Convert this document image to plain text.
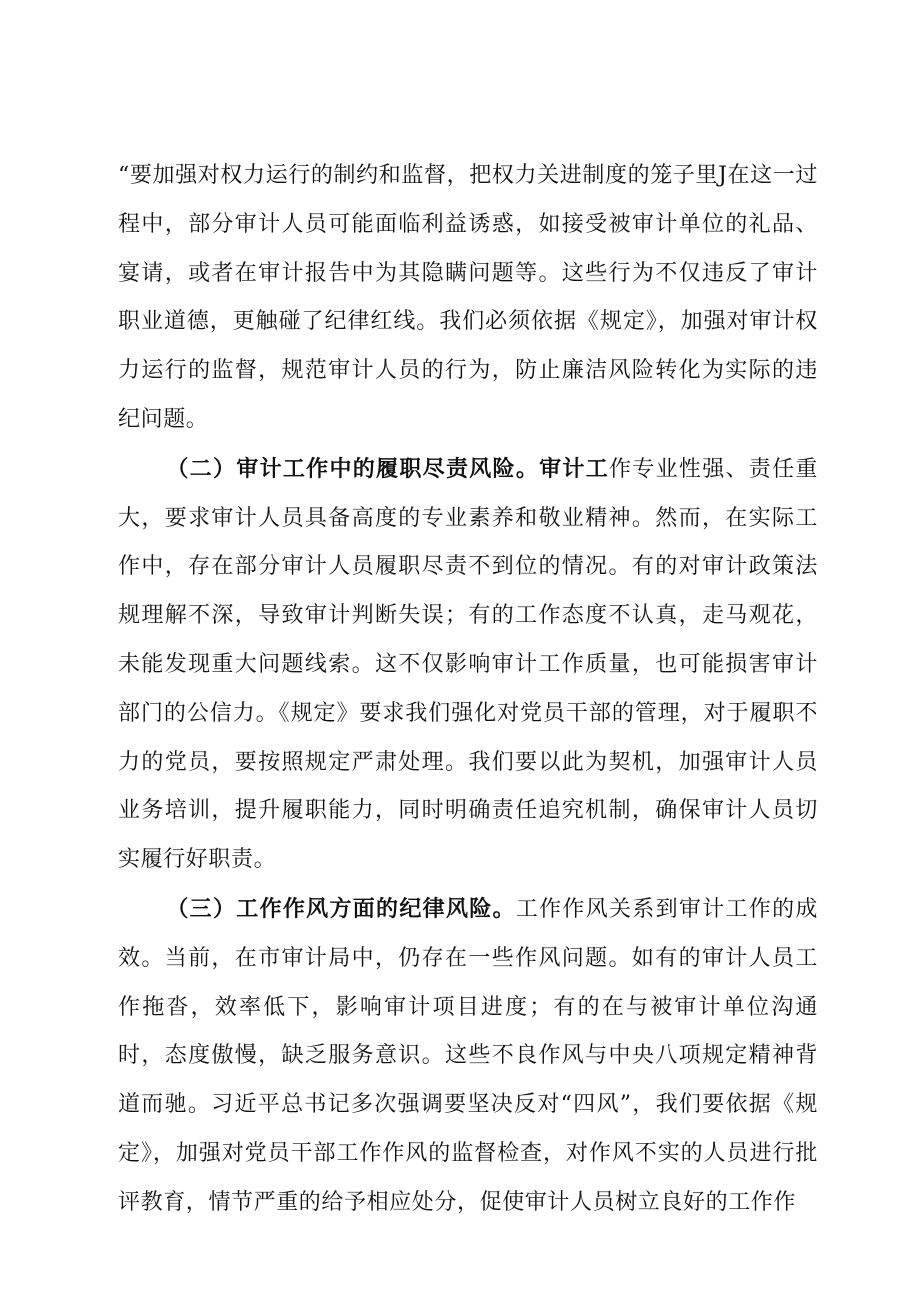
“要加强对权力运行的制约和监督，把权力关进制度的笼子里J在这一过程中，部分审计人员可能面临利益诱惑，如接受被审计单位的礼品、宴请，或者在审计报告中为其隐瞒问题等。这些行为不仅违反了审计职业道德，更触碰了纪律红线。我们必须依据《规定》，加强对审计权力运行的监督，规范审计人员的行为，防止廉洁风险转化为实际的违纪问题。

（二）审计工作中的履职尽责风险。审计工作专业性强、责任重大，要求审计人员具备高度的专业素养和敬业精神。然而，在实际工作中，存在部分审计人员履职尽责不到位的情况。有的对审计政策法规理解不深，导致审计判断失误；有的工作态度不认真，走马观花，未能发现重大问题线索。这不仅影响审计工作质量，也可能损害审计部门的公信力。《规定》要求我们强化对党员干部的管理，对于履职不力的党员，要按照规定严肃处理。我们要以此为契机，加强审计人员业务培训，提升履职能力，同时明确责任追究机制，确保审计人员切实履行好职责。

（三）工作作风方面的纪律风险。工作作风关系到审计工作的成效。当前，在市审计局中，仍存在一些作风问题。如有的审计人员工作拖沓，效率低下，影响审计项目进度；有的在与被审计单位沟通时，态度傲慢，缺乏服务意识。这些不良作风与中央八项规定精神背道而驰。习近平总书记多次强调要坚决反对“四风”，我们要依据《规定》，加强对党员干部工作作风的监督检查，对作风不实的人员进行批评教育，情节严重的给予相应处分，促使审计人员树立良好的工作作
